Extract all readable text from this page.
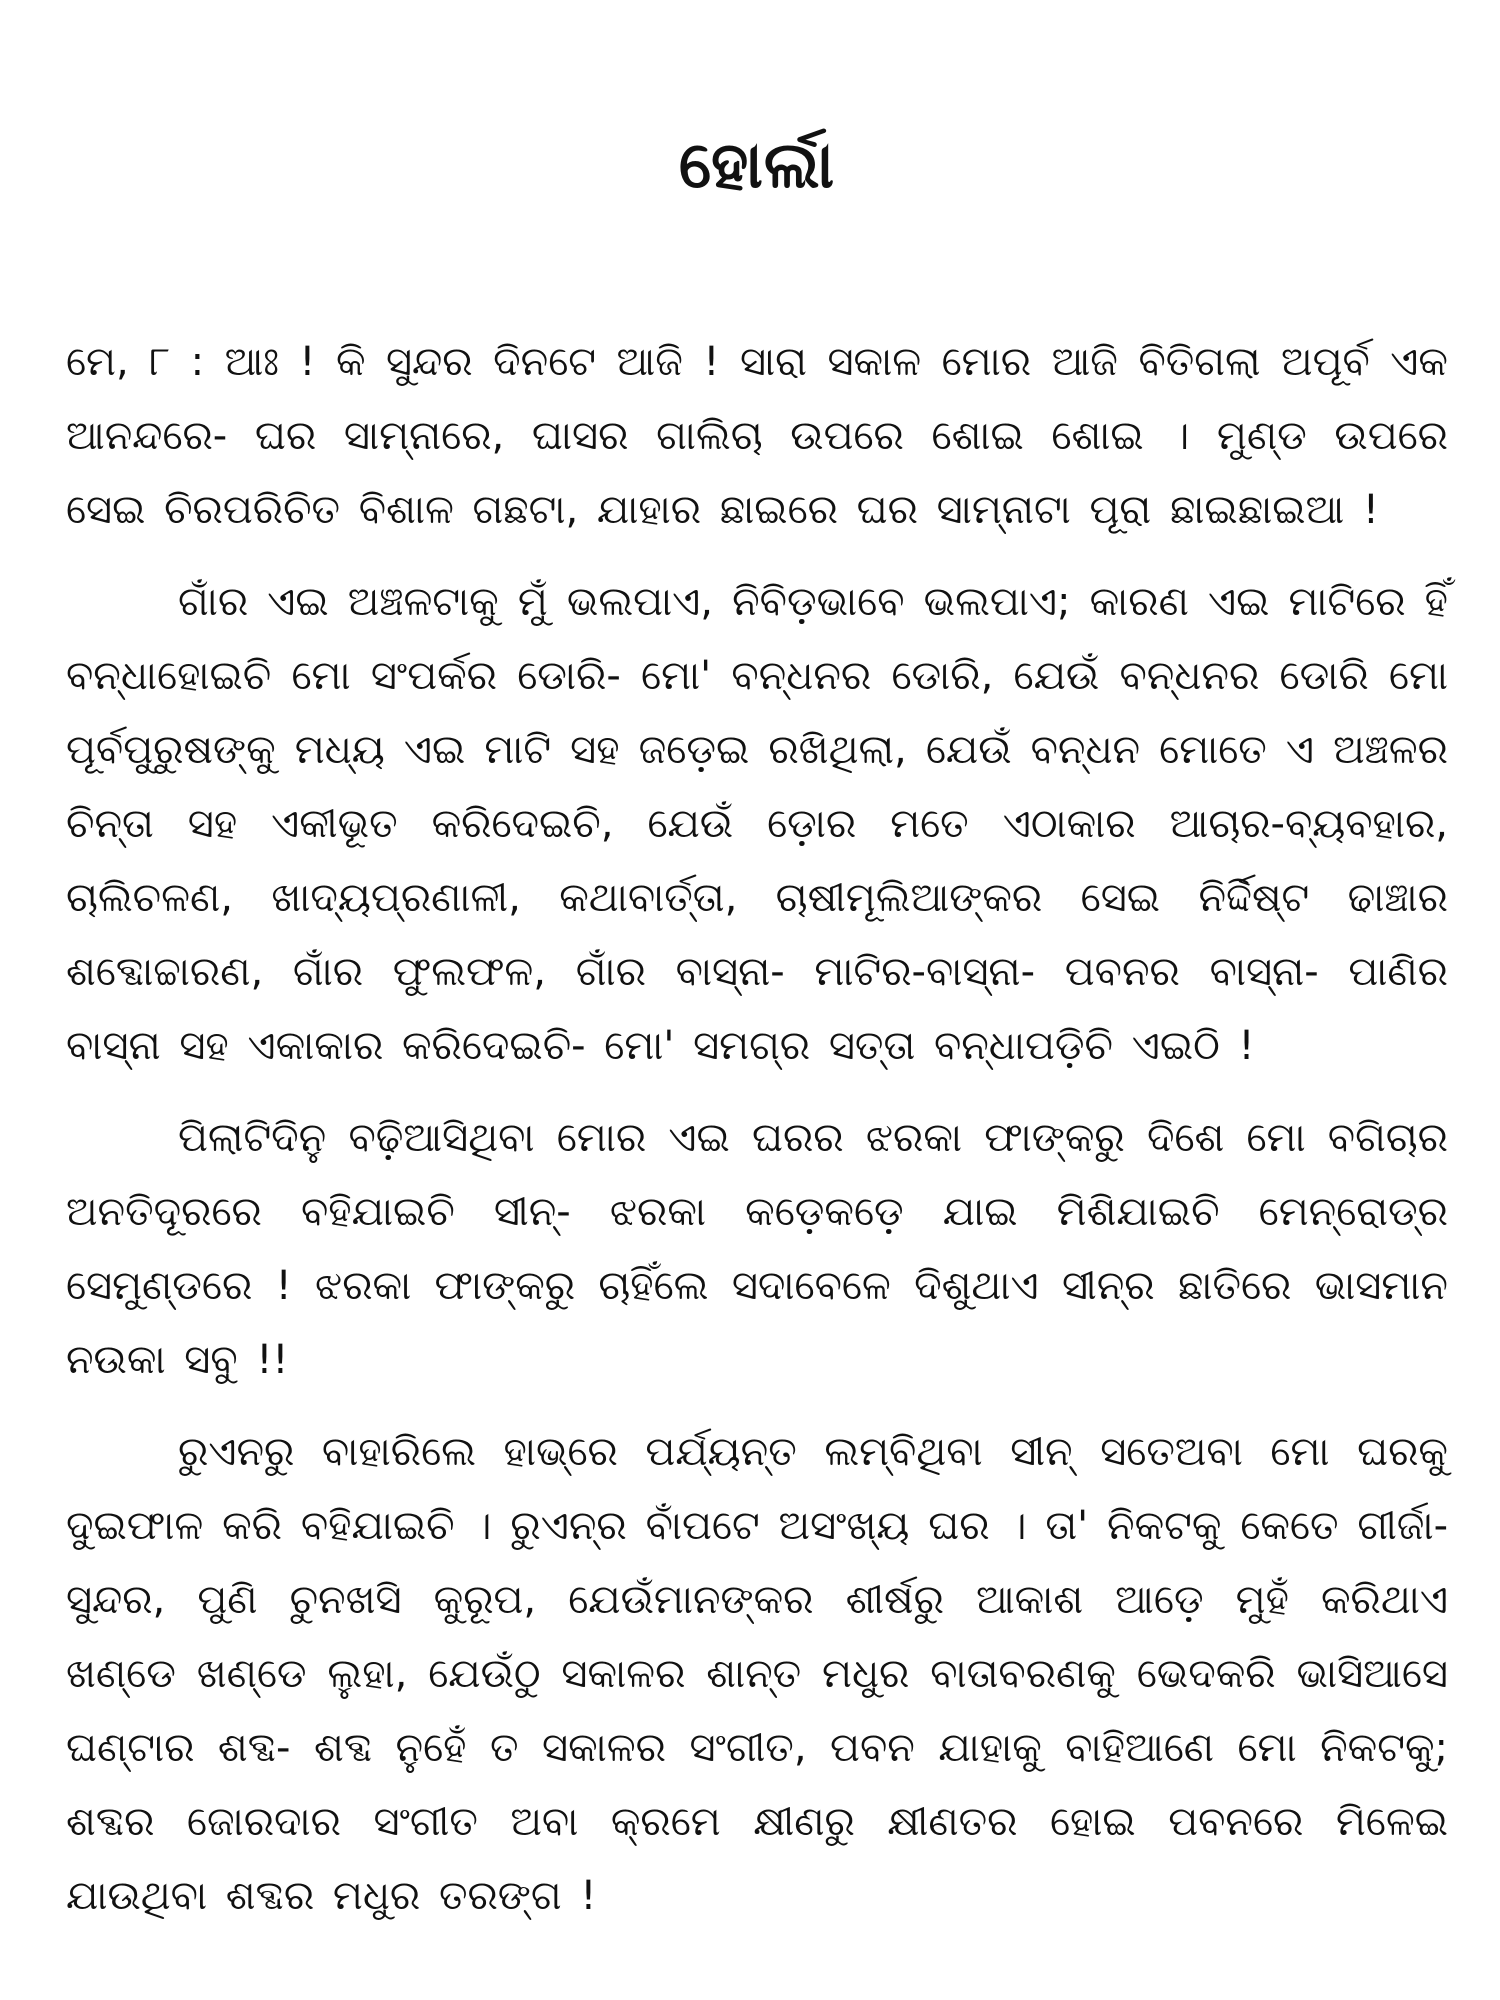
ହୋର୍ଲା

ମେ, ୮ : ଆଃ ! କି ସୁନ୍ଦର ଦିନଟେ ଆଜି ! ସାରା ସକାଳ ମୋର ଆଜି ବିତିଗଲା ଅପୂର୍ବ ଏକ ଆନନ୍ଦରେ- ଘର ସାମ୍ନାରେ, ଘାସର ଗାଲିଚା ଉପରେ ଶୋଇ ଶୋଇ । ମୁଣ୍ଡ ଉପରେ ସେଇ ଚିରପରିଚିତ ବିଶାଳ ଗଛଟା, ଯାହାର ଛାଇରେ ଘର ସାମ୍ନାଟା ପୂରା ଛାଇଛାଇଆ !

ଗାଁର ଏଇ ଅଞ୍ଚଳଟାକୁ ମୁଁ ଭଲପାଏ, ନିବିଡ଼ଭାବେ ଭଲପାଏ; କାରଣ ଏଇ ମାଟିରେ ହିଁ ବନ୍ଧାହୋଇଚି ମୋ ସଂପର୍କର ଡୋରି- ମୋ' ବନ୍ଧନର ଡୋରି, ଯେଉଁ ବନ୍ଧନର ଡୋରି ମୋ ପୂର୍ବପୁରୁଷଙ୍କୁ ମଧ୍ୟ ଏଇ ମାଟି ସହ ଜଡ଼େଇ ରଖିଥିଲା, ଯେଉଁ ବନ୍ଧନ ମୋତେ ଏ ଅଞ୍ଚଳର ଚିନ୍ତା ସହ ଏକୀଭୂତ କରିଦେଇଚି, ଯେଉଁ ଡ଼ୋର ମତେ ଏଠାକାର ଆଚାର-ବ୍ୟବହାର, ଚାଲିଚଳଣ, ଖାଦ୍ୟପ୍ରଣାଳୀ, କଥାବାର୍ତ୍ତା, ଚାଷୀମୂଲିଆଙ୍କର ସେଇ ନିର୍ଦ୍ଦିଷ୍ଟ ଢାଞ୍ଚାର ଶବ୍ଦୋଚ୍ଚାରଣ, ଗାଁର ଫୁଲଫଳ, ଗାଁର ବାସ୍ନା- ମାଟିର-ବାସ୍ନା- ପବନର ବାସ୍ନା- ପାଣିର ବାସ୍ନା ସହ ଏକାକାର କରିଦେଇଚି- ମୋ' ସମଗ୍ର ସତ୍ତା ବନ୍ଧାପଡ଼ିଚି ଏଇଠି !

ପିଲାଟିଦିନୁ ବଢ଼ିଆସିଥିବା ମୋର ଏଇ ଘରର ଝରକା ଫାଙ୍କରୁ ଦିଶେ ମୋ ବଗିଚାର ଅନତିଦୂରରେ ବହିଯାଇଚି ସୀନ୍- ଝରକା କଡ଼େକଡ଼େ ଯାଇ ମିଶିଯାଇଚି ମେନ୍‌ରୋଡ୍‌ର ସେମୁଣ୍ଡରେ ! ଝରକା ଫାଙ୍କରୁ ଚାହିଁଲେ ସଦାବେଳେ ଦିଶୁଥାଏ ସୀନ୍‌ର ଛାତିରେ ଭାସମାନ ନଉକା ସବୁ !!

ରୁଏନରୁ ବାହାରିଲେ ହାଭ୍ରେ ପର୍ଯ୍ୟନ୍ତ ଲମ୍ବିଥିବା ସୀନ୍ ସତେଅବା ମୋ ଘରକୁ ଦୁଇଫାଳ କରି ବହିଯାଇଚି । ରୁଏନ୍‌ର ବାଁପଟେ ଅସଂଖ୍ୟ ଘର । ତା' ନିକଟକୁ କେତେ ଗୀର୍ଜା- ସୁନ୍ଦର, ପୁଣି ଚୁନଖସି କୁରୂପ, ଯେଉଁମାନଙ୍କର ଶୀର୍ଷରୁ ଆକାଶ ଆଡ଼େ ମୁହଁ କରିଥାଏ ଖଣ୍ଡେ ଖଣ୍ଡେ ଲୁହା, ଯେଉଁଠୁ ସକାଳର ଶାନ୍ତ ମଧୁର ବାତାବରଣକୁ ଭେଦକରି ଭାସିଆସେ ଘଣ୍ଟାର ଶବ୍ଦ- ଶବ୍ଦ ନୁହେଁ ତ ସକାଳର ସଂଗୀତ, ପବନ ଯାହାକୁ ବାହିଆଣେ ମୋ ନିକଟକୁ; ଶବ୍ଦର ଜୋରଦାର ସଂଗୀତ ଅବା କ୍ରମେ କ୍ଷୀଣରୁ କ୍ଷୀଣତର ହୋଇ ପବନରେ ମିଳେଇ ଯାଉଥିବା ଶବ୍ଦର ମଧୁର ତରଙ୍ଗ !
